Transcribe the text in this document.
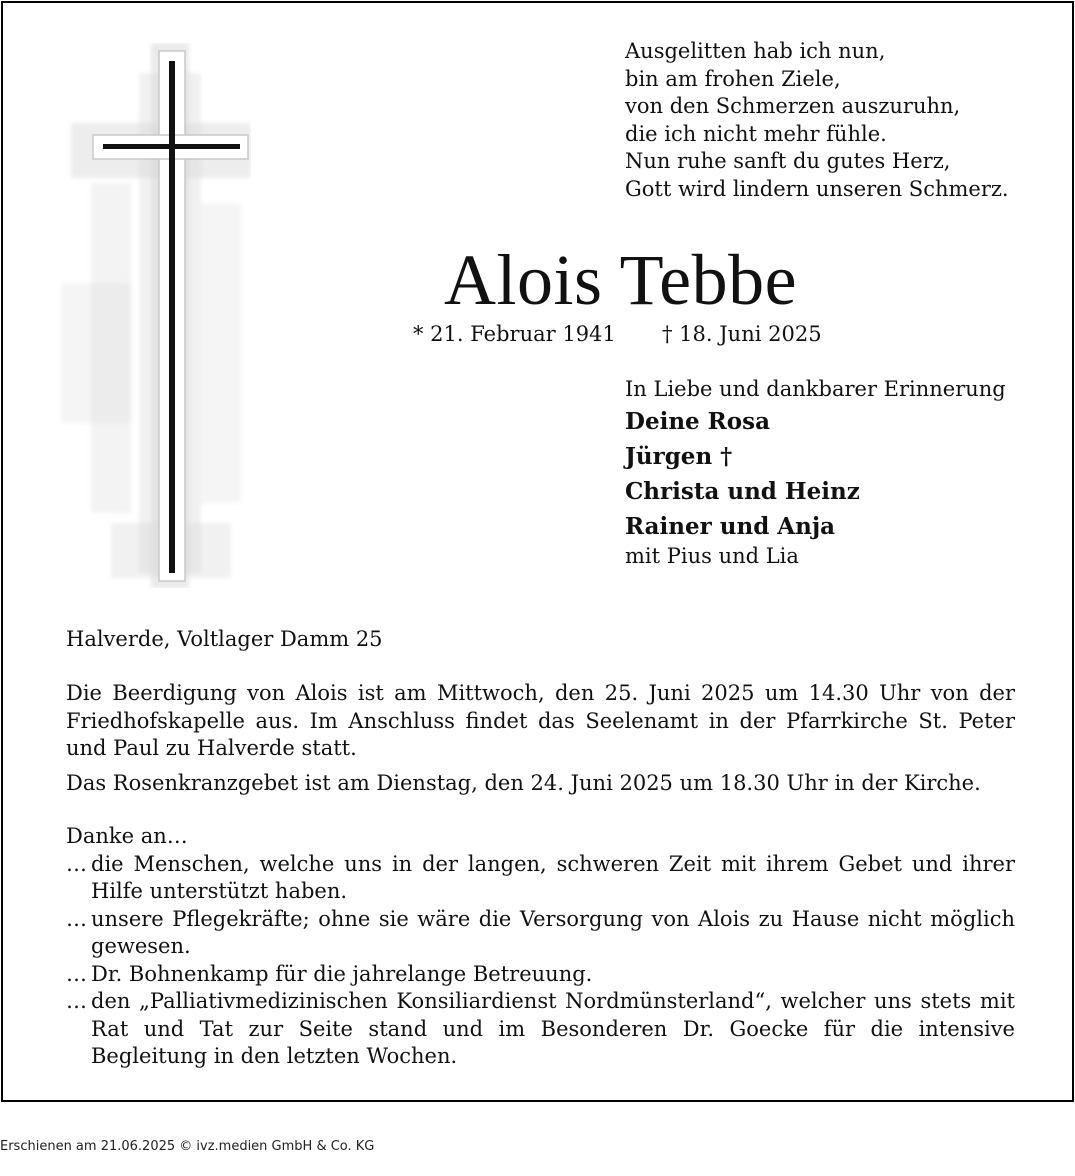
Ausgelitten hab ich nun,
bin am frohen Ziele,
von den Schmerzen auszuruhn,
die ich nicht mehr fühle.
Nun ruhe sanft du gutes Herz,
Gott wird lindern unseren Schmerz.
Alois Tebbe
* 21. Februar 1941 † 18. Juni 2025
In Liebe und dankbarer Erinnerung
Deine Rosa
Jürgen †
Christa und Heinz
Rainer und Anja
mit Pius und Lia
Halverde, Voltlager Damm 25
Die Beerdigung von Alois ist am Mittwoch, den 25. Juni 2025 um 14.30 Uhr von der Friedhofskapelle aus. Im Anschluss findet das Seelenamt in der Pfarrkirche St. Peter und Paul zu Halverde statt.
Das Rosenkranzgebet ist am Dienstag, den 24. Juni 2025 um 18.30 Uhr in der Kirche.
Danke an…
… die Menschen, welche uns in der langen, schweren Zeit mit ihrem Gebet und ihrer Hilfe unterstützt haben.
… unsere Pflegekräfte; ohne sie wäre die Versorgung von Alois zu Hause nicht möglich gewesen.
… Dr. Bohnenkamp für die jahrelange Betreuung.
… den „Palliativmedizinischen Konsiliardienst Nordmünsterland“, welcher uns stets mit Rat und Tat zur Seite stand und im Besonderen Dr. Goecke für die intensive Begleitung in den letzten Wochen.
Erschienen am 21.06.2025 © ivz.medien GmbH & Co. KG
